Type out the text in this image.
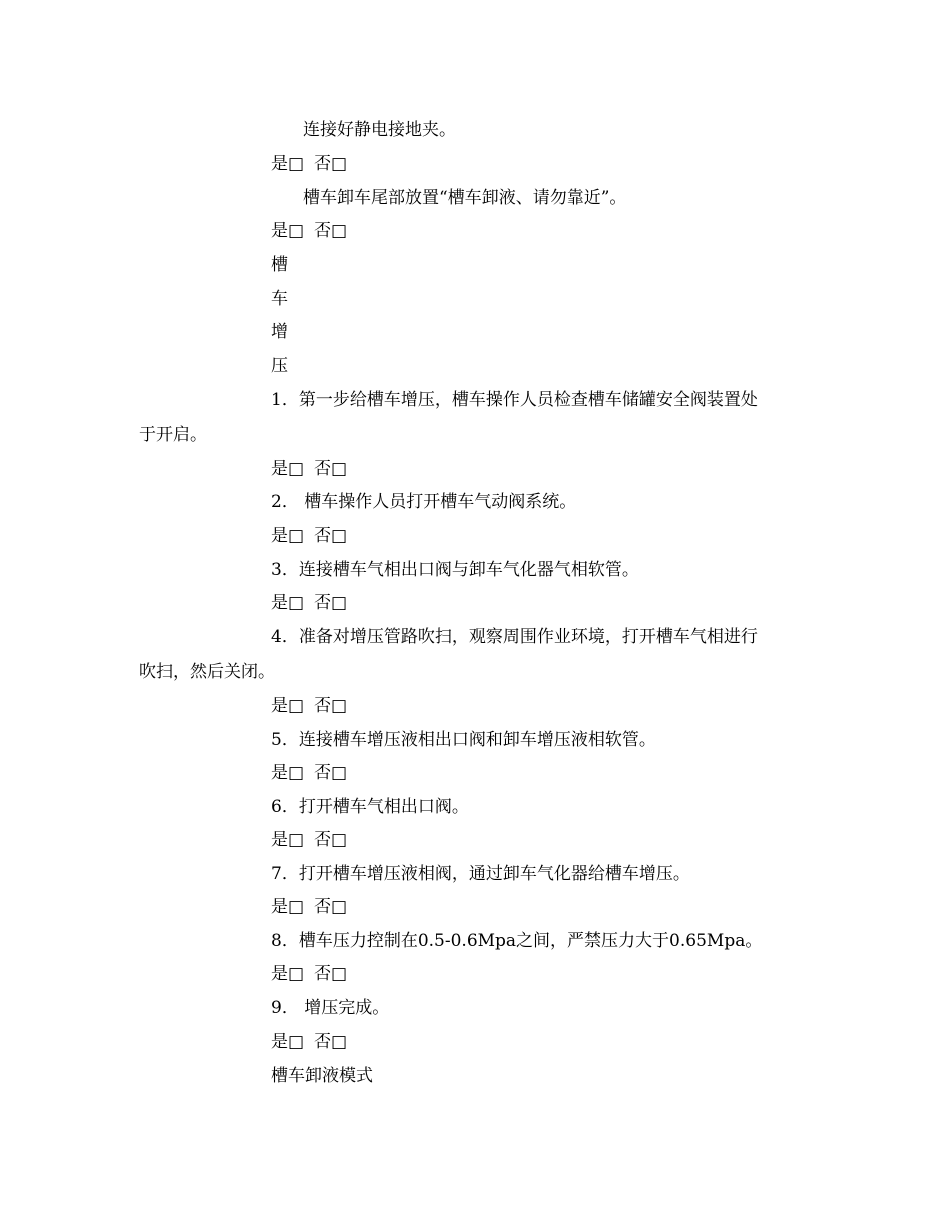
连接好静电接地夹。
是□ 否□
槽车卸车尾部放置“槽车卸液、请勿靠近”。
是□ 否□
槽
车
增
压
1．第一步给槽车增压，槽车操作人员检查槽车储罐安全阀装置处
于开启。
是□ 否□
2． 槽车操作人员打开槽车气动阀系统。
是□ 否□
3．连接槽车气相出口阀与卸车气化器气相软管。
是□ 否□
4．准备对增压管路吹扫，观察周围作业环境，打开槽车气相进行
吹扫，然后关闭。
是□ 否□
5．连接槽车增压液相出口阀和卸车增压液相软管。
是□ 否□
6．打开槽车气相出口阀。
是□ 否□
7．打开槽车增压液相阀，通过卸车气化器给槽车增压。
是□ 否□
8．槽车压力控制在0.5-0.6Mpa之间，严禁压力大于0.65Mpa。
是□ 否□
9． 增压完成。
是□ 否□
槽车卸液模式
